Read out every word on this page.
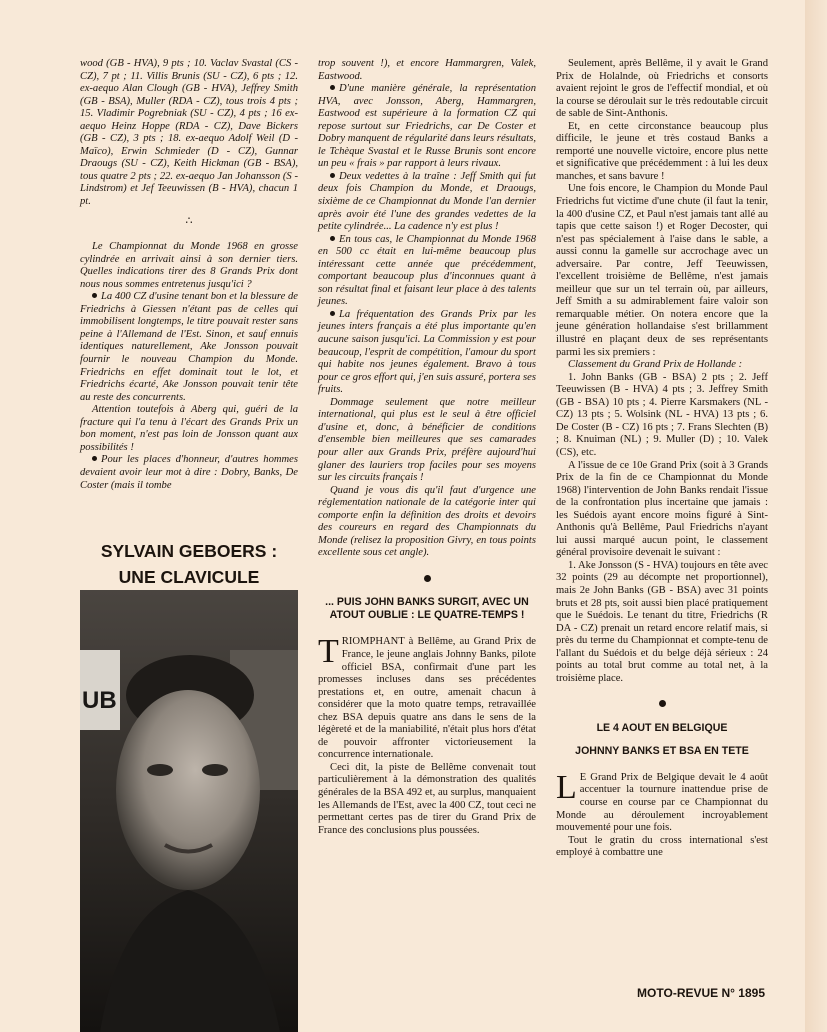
wood (GB - HVA), 9 pts ; 10. Vaclav Svastal (CS - CZ), 7 pt ; 11. Villis Brunis (SU - CZ), 6 pts ; 12. ex-aequo Alan Clough (GB - HVA), Jeffrey Smith (GB - BSA), Muller (RDA - CZ), tous trois 4 pts ; 15. Vladimir Pogrebniak (SU - CZ), 4 pts ; 16 ex-aequo Heinz Hoppe (RDA - CZ), Dave Bickers (GB - CZ), 3 pts ; 18. ex-aequo Adolf Weil (D - Maïco), Erwin Schmieder (D - CZ), Gunnar Draougs (SU - CZ), Keith Hickman (GB - BSA), tous quatre 2 pts ; 22. ex-aequo Jan Johansson (S - Lindstrom) et Jef Teeuwissen (B - HVA), chacun 1 pt.

∴

Le Championnat du Monde 1968 en grosse cylindrée en arrivait ainsi à son dernier tiers. Quelles indications tirer des 8 Grands Prix dont nous nous sommes entretenus jusqu'ici ?

La 400 CZ d'usine tenant bon et la blessure de Friedrichs à Giessen n'étant pas de celles qui immobilisent longtemps, le titre pouvait rester sans peine à l'Allemand de l'Est. Sinon, et sauf ennuis identiques naturellement, Ake Jonsson pouvait fournir le nouveau Champion du Monde. Friedrichs en effet dominait tout le lot, et Friedrichs écarté, Ake Jonsson pouvait tenir tête au reste des concurrents.

Attention toutefois à Aberg qui, guéri de la fracture qui l'a tenu à l'écart des Grands Prix un bon moment, n'est pas loin de Jonsson quant aux possibilités !

Pour les places d'honneur, d'autres hommes devaient avoir leur mot à dire : Dobry, Banks, De Coster (mais il tombe

SYLVAIN GEBOERS :
UNE CLAVICULE
UB

trop souvent !), et encore Hammargren, Valek, Eastwood.

D'une manière générale, la représentation HVA, avec Jonsson, Aberg, Hammargren, Eastwood est supérieure à la formation CZ qui repose surtout sur Friedrichs, car De Coster et Dobry manquent de régularité dans leurs résultats, le Tchèque Svastal et le Russe Brunis sont encore un peu « frais » par rapport à leurs rivaux.

Deux vedettes à la traîne : Jeff Smith qui fut deux fois Champion du Monde, et Draougs, sixième de ce Championnat du Monde l'an dernier après avoir été l'une des grandes vedettes de la petite cylindrée... La cadence n'y est plus !

En tous cas, le Championnat du Monde 1968 en 500 cc était en lui-même beaucoup plus intéressant cette année que précédemment, comportant beaucoup plus d'inconnues quant à son résultat final et faisant leur place à des talents jeunes.

La fréquentation des Grands Prix par les jeunes inters français a été plus importante qu'en aucune saison jusqu'ici. La Commission y est pour beaucoup, l'esprit de compétition, l'amour du sport qui habite nos jeunes également. Bravo à tous pour ce gros effort qui, j'en suis assuré, portera ses fruits.

Dommage seulement que notre meilleur international, qui plus est le seul à être officiel d'usine et, donc, à bénéficier de conditions d'ensemble bien meilleures que ses camarades pour aller aux Grands Prix, préfère aujourd'hui glaner des lauriers trop faciles pour ses moyens sur les circuits français !

Quand je vous dis qu'il faut d'urgence une réglementation nationale de la catégorie inter qui comporte enfin la définition des droits et devoirs des coureurs en regard des Championnats du Monde (relisez la proposition Givry, en tous points excellente sous cet angle).

... PUIS JOHN BANKS SURGIT, AVEC UN ATOUT OUBLIE : LE QUATRE-TEMPS !

TRIOMPHANT à Bellême, au Grand Prix de France, le jeune anglais Johnny Banks, pilote officiel BSA, confirmait d'une part les promesses incluses dans ses précédentes prestations et, en outre, amenait chacun à considérer que la moto quatre temps, retravaillée chez BSA depuis quatre ans dans le sens de la légèreté et de la maniabilité, n'était plus hors d'état de pouvoir affronter victorieusement la concurrence internationale.

Ceci dit, la piste de Bellême convenait tout particulièrement à la démonstration des qualités générales de la BSA 492 et, au surplus, manquaient les Allemands de l'Est, avec la 400 CZ, tout ceci ne permettant certes pas de tirer du Grand Prix de France des conclusions plus poussées.

Seulement, après Bellême, il y avait le Grand Prix de Holalnde, où Friedrichs et consorts avaient rejoint le gros de l'effectif mondial, et où la course se déroulait sur le très redoutable circuit de sable de Sint-Anthonis.

Et, en cette circonstance beaucoup plus difficile, le jeune et très costaud Banks a remporté une nouvelle victoire, encore plus nette et significative que précédemment : à lui les deux manches, et sans bavure !

Une fois encore, le Champion du Monde Paul Friedrichs fut victime d'une chute (il faut la tenir, la 400 d'usine CZ, et Paul n'est jamais tant allé au tapis que cette saison !) et Roger Decoster, qui n'est pas spécialement à l'aise dans le sable, a aussi connu la gamelle sur accrochage avec un adversaire. Par contre, Jeff Teeuwissen, l'excellent troisième de Bellême, n'est jamais meilleur que sur un tel terrain où, par ailleurs, Jeff Smith a su admirablement faire valoir son remarquable métier. On notera encore que la jeune génération hollandaise s'est brillamment illustré en plaçant deux de ses représentants parmi les six premiers :

Classement du Grand Prix de Hollande :

1. John Banks (GB - BSA) 2 pts ; 2. Jeff Teeuwissen (B - HVA) 4 pts ; 3. Jeffrey Smith (GB - BSA) 10 pts ; 4. Pierre Karsmakers (NL - CZ) 13 pts ; 5. Wolsink (NL - HVA) 13 pts ; 6. De Coster (B - CZ) 16 pts ; 7. Frans Slechten (B) ; 8. Knuiman (NL) ; 9. Muller (D) ; 10. Valek (CS), etc.

A l'issue de ce 10e Grand Prix (soit à 3 Grands Prix de la fin de ce Championnat du Monde 1968) l'intervention de John Banks rendait l'issue de la confrontation plus incertaine que jamais : les Suédois ayant encore moins figuré à Sint-Anthonis qu'à Bellême, Paul Friedrichs n'ayant lui aussi marqué aucun point, le classement général provisoire devenait le suivant :

1. Ake Jonsson (S - HVA) toujours en tête avec 32 points (29 au décompte net proportionnel), mais 2e John Banks (GB - BSA) avec 31 points bruts et 28 pts, soit aussi bien placé pratiquement que le Suédois. Le tenant du titre, Friedrichs (R DA - CZ) prenait un retard encore relatif mais, si près du terme du Championnat et compte-tenu de l'allant du Suédois et du belge déjà sérieux : 24 points au total brut comme au total net, à la troisième place.

LE 4 AOUT EN BELGIQUE
JOHNNY BANKS ET BSA EN TETE

L E Grand Prix de Belgique devait le 4 août accentuer la tournure inattendue prise de course en course par ce Championnat du Monde au déroulement incroyablement mouvementé pour une fois.

Tout le gratin du cross international s'est employé à combattre une

MOTO-REVUE N° 1895
